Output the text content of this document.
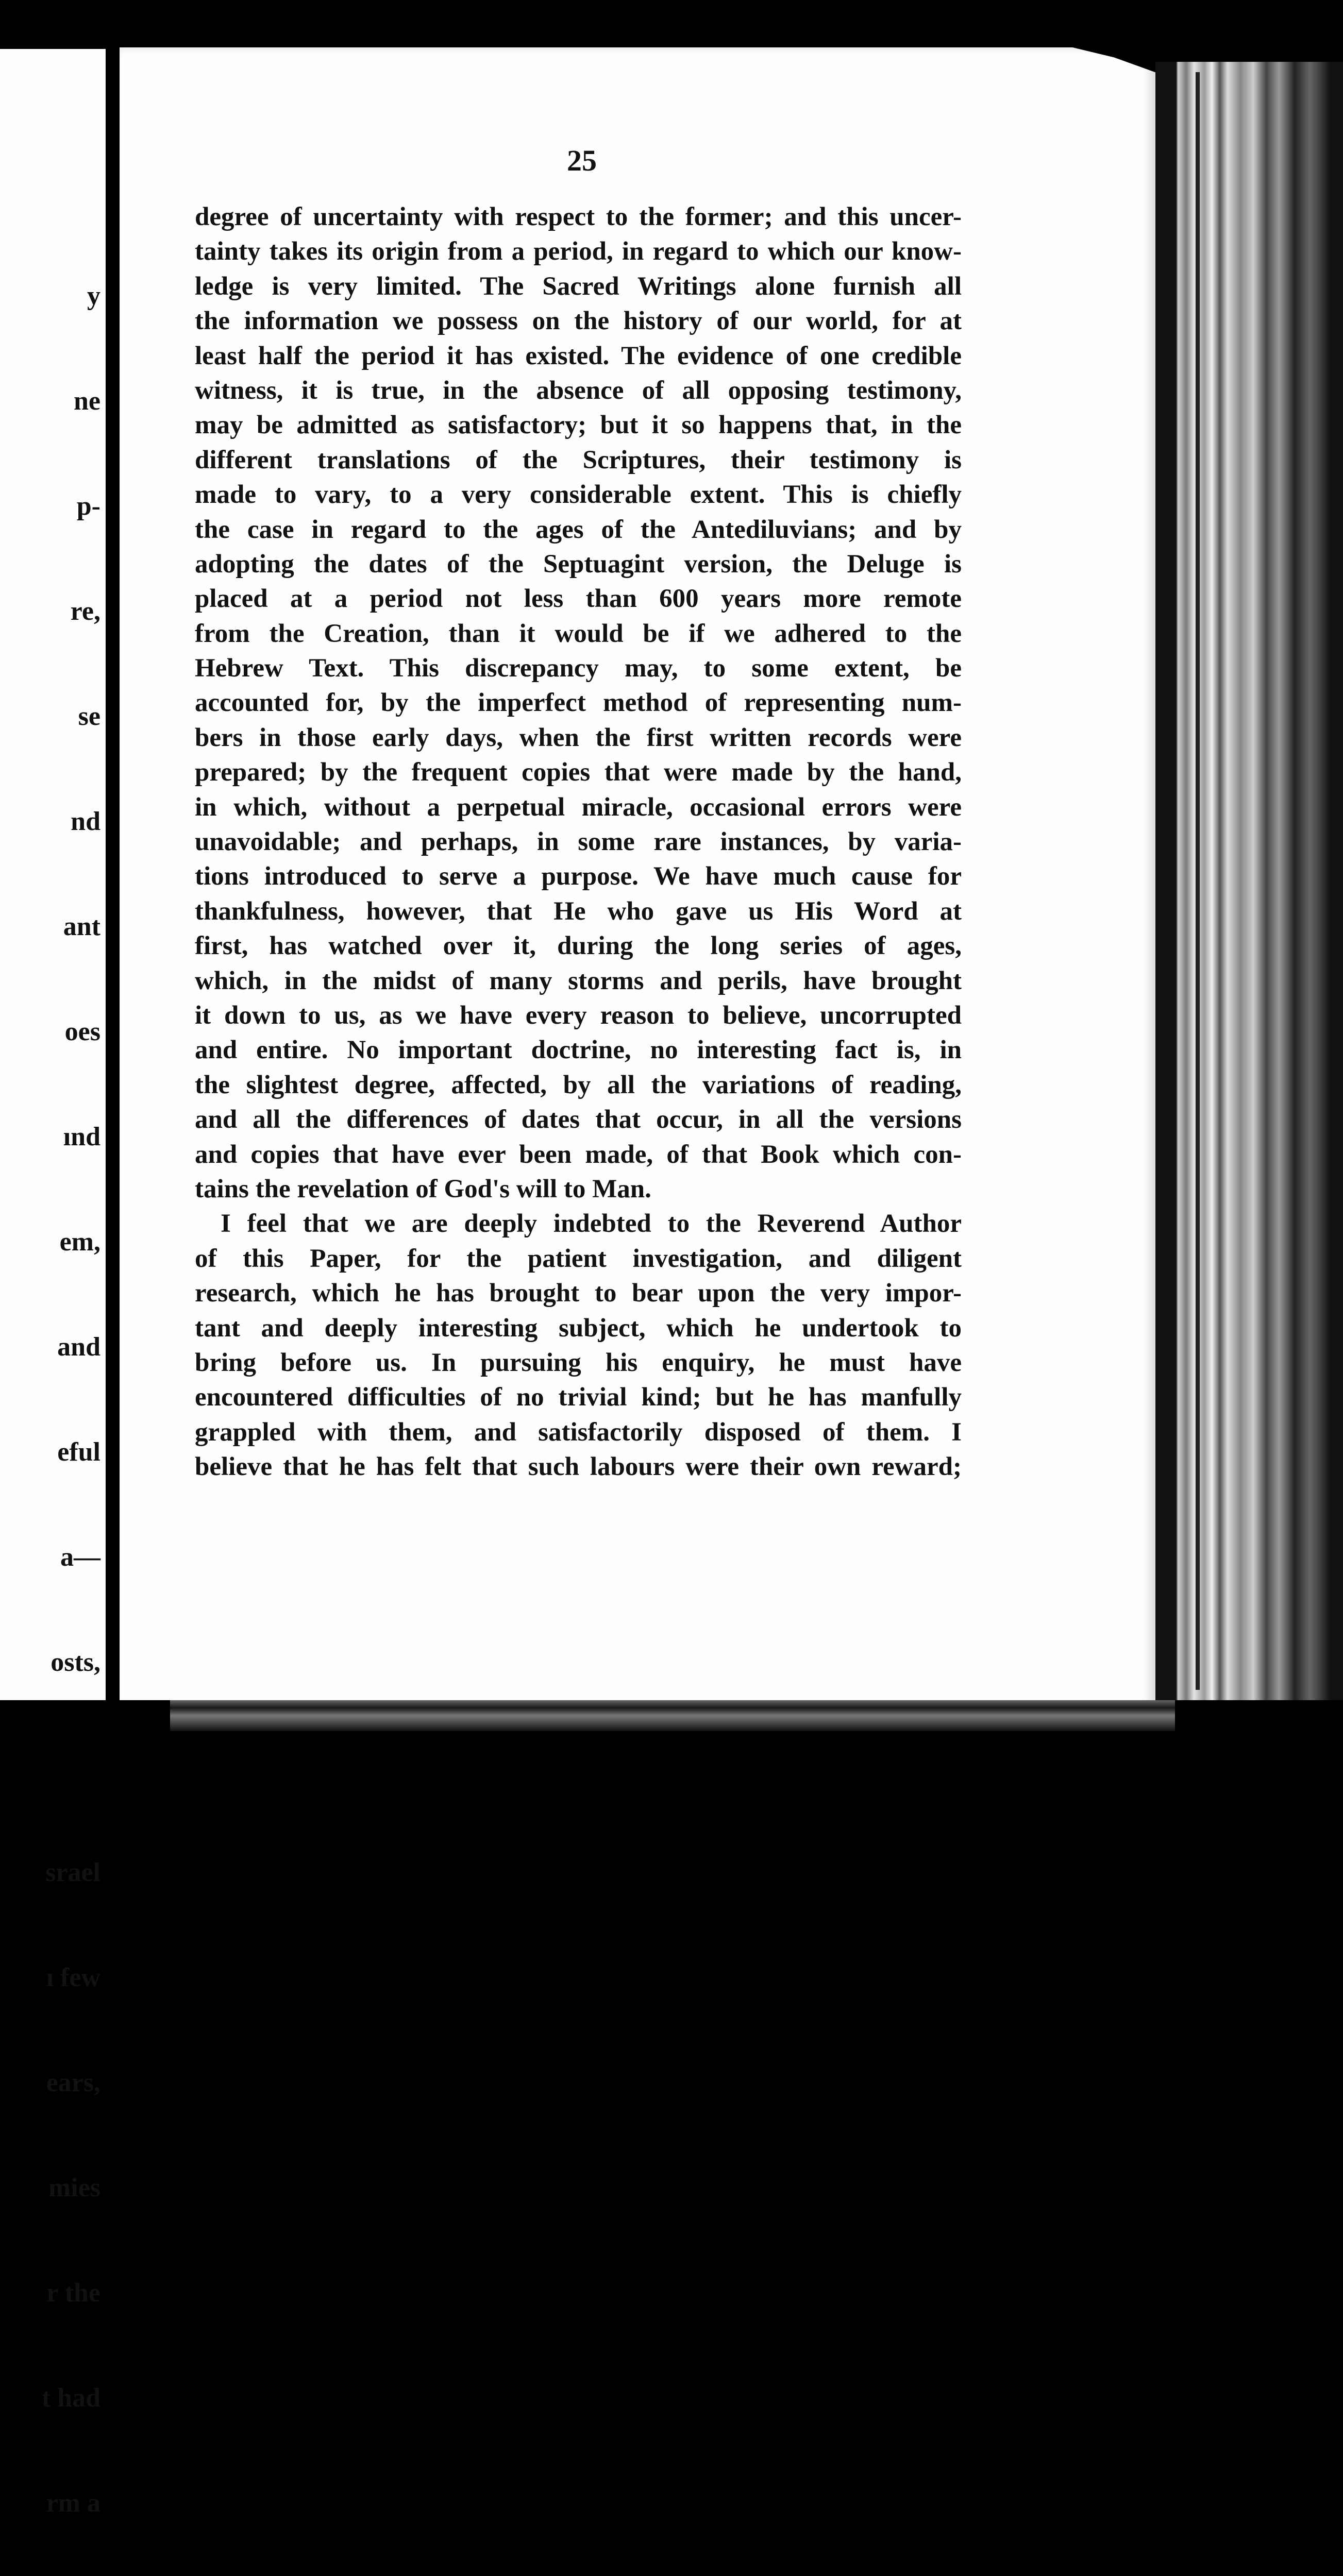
y

ne

p-

re,

se

nd

ant

oes

ınd

em,

and

eful

a—

osts,

srael

ı few

ears,

mies

r the

t had

rm a

25
degree of uncertainty with respect to the former; and this uncer-
tainty takes its origin from a period, in regard to which our know-
ledge is very limited. The Sacred Writings alone furnish all
the information we possess on the history of our world, for at
least half the period it has existed. The evidence of one credible
witness, it is true, in the absence of all opposing testimony,
may be admitted as satisfactory; but it so happens that, in the
different translations of the Scriptures, their testimony is
made to vary, to a very considerable extent. This is chiefly
the case in regard to the ages of the Antediluvians; and by
adopting the dates of the Septuagint version, the Deluge is
placed at a period not less than 600 years more remote
from the Creation, than it would be if we adhered to the
Hebrew Text. This discrepancy may, to some extent, be
accounted for, by the imperfect method of representing num-
bers in those early days, when the first written records were
prepared; by the frequent copies that were made by the hand,
in which, without a perpetual miracle, occasional errors were
unavoidable; and perhaps, in some rare instances, by varia-
tions introduced to serve a purpose. We have much cause for
thankfulness, however, that He who gave us His Word at
first, has watched over it, during the long series of ages,
which, in the midst of many storms and perils, have brought
it down to us, as we have every reason to believe, uncorrupted
and entire. No important doctrine, no interesting fact is, in
the slightest degree, affected, by all the variations of reading,
and all the differences of dates that occur, in all the versions
and copies that have ever been made, of that Book which con-
tains the revelation of God's will to Man.
I feel that we are deeply indebted to the Reverend Author
of this Paper, for the patient investigation, and diligent
research, which he has brought to bear upon the very impor-
tant and deeply interesting subject, which he undertook to
bring before us. In pursuing his enquiry, he must have
encountered difficulties of no trivial kind; but he has manfully
grappled with them, and satisfactorily disposed of them. I
believe that he has felt that such labours were their own reward;
